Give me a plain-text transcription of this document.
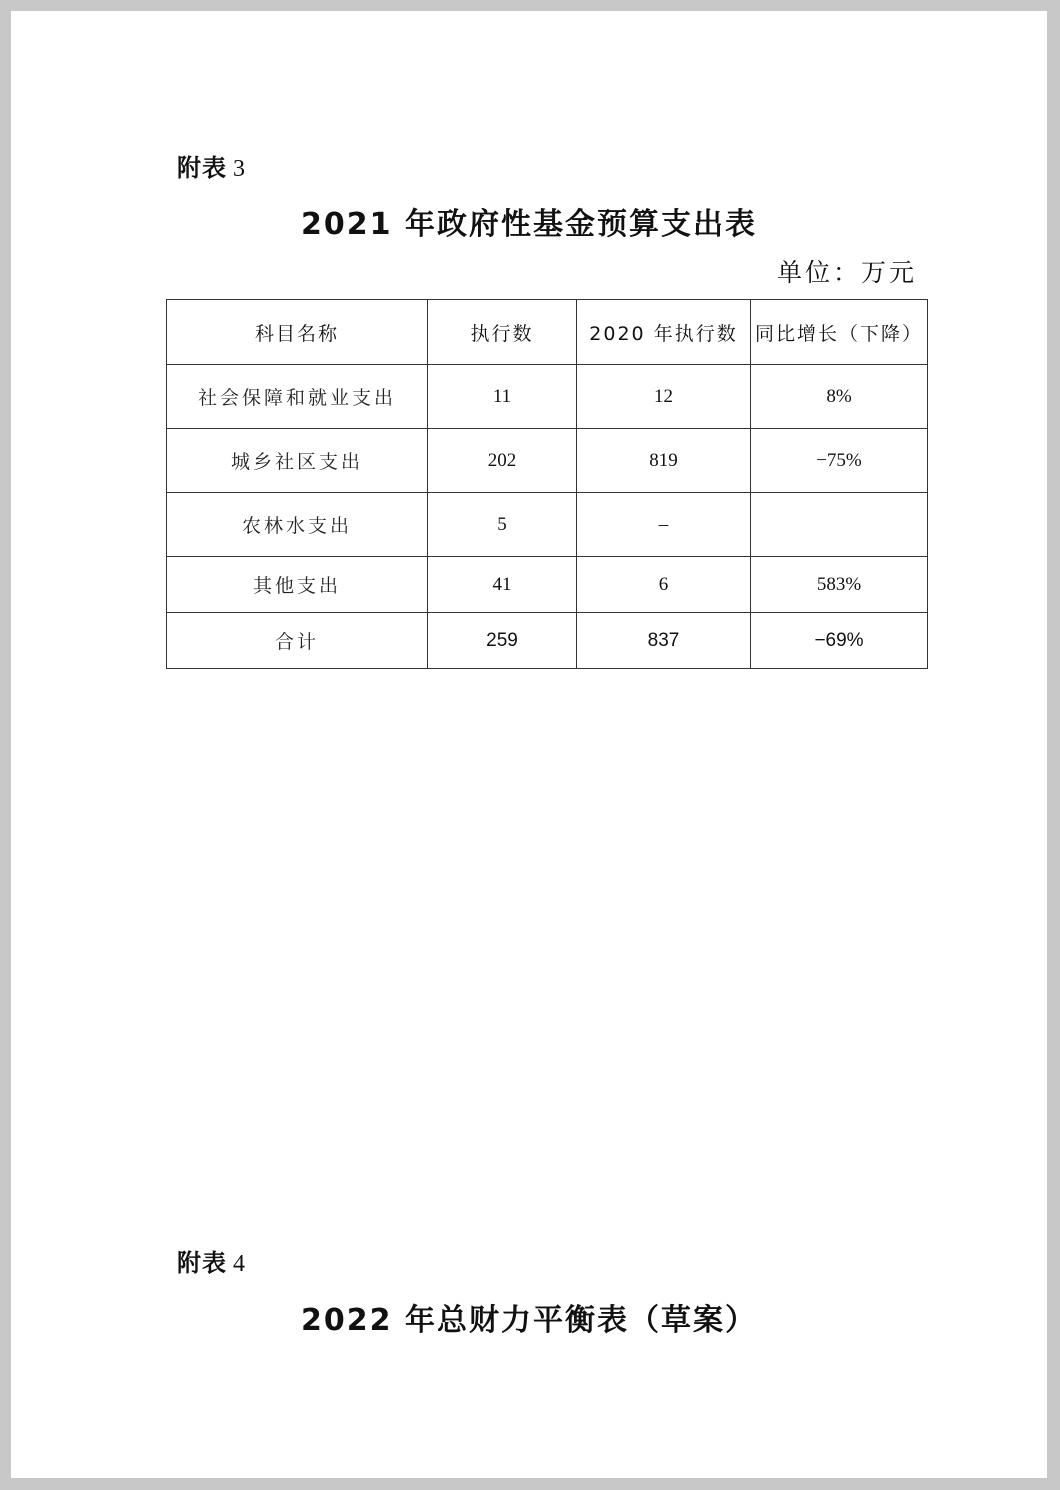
附表 3
2021 年政府性基金预算支出表
单位：万元
科目名称	执行数	2020 年执行数	同比增长（下降）
社会保障和就业支出	11	12	8%
城乡社区支出	202	819	−75%
农林水支出	5	–	
其他支出	41	6	583%
合计	259	837	−69%
附表 4
2022 年总财力平衡表（草案）
